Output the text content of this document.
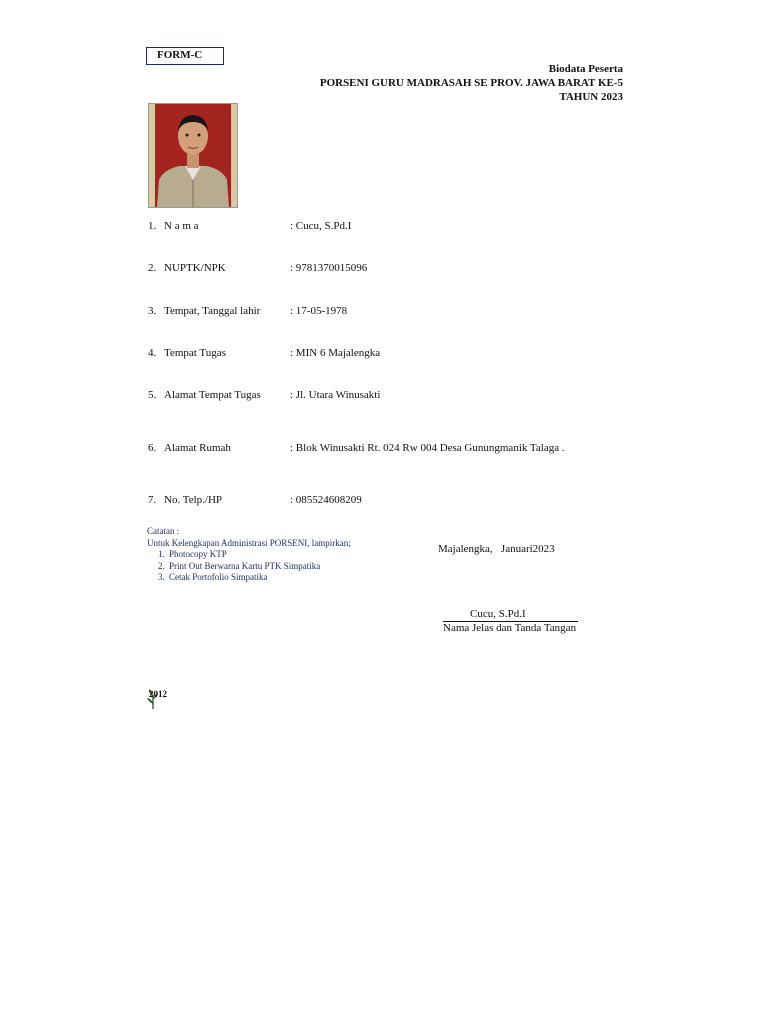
FORM-C
Biodata Peserta
PORSENI GURU MADRASAH SE PROV. JAWA BARAT KE-5
TAHUN 2023
1. N a m a	: Cucu, S.Pd.I
2. NUPTK/NPK	: 9781370015096
3. Tempat, Tanggal lahir	: 17-05-1978
4. Tempat Tugas	: MIN 6 Majalengka
5. Alamat Tempat Tugas	: Jl. Utara Winusakti
6. Alamat Rumah	: Blok Winusakti Rt. 024 Rw 004 Desa Gunungmanik Talaga .
7. No. Telp./HP	: 085524608209
Catatan :
Untuk Kelengkapan Administrasi PORSENI, lampirkan;
1. Photocopy KTP
2. Print Out Berwarna Kartu PTK Simpatika
3. Cetak Portofolio Simpatika
Majalengka,   Januari2023
Cucu, S.Pd.I
Nama Jelas dan Tanda Tangan
2012
